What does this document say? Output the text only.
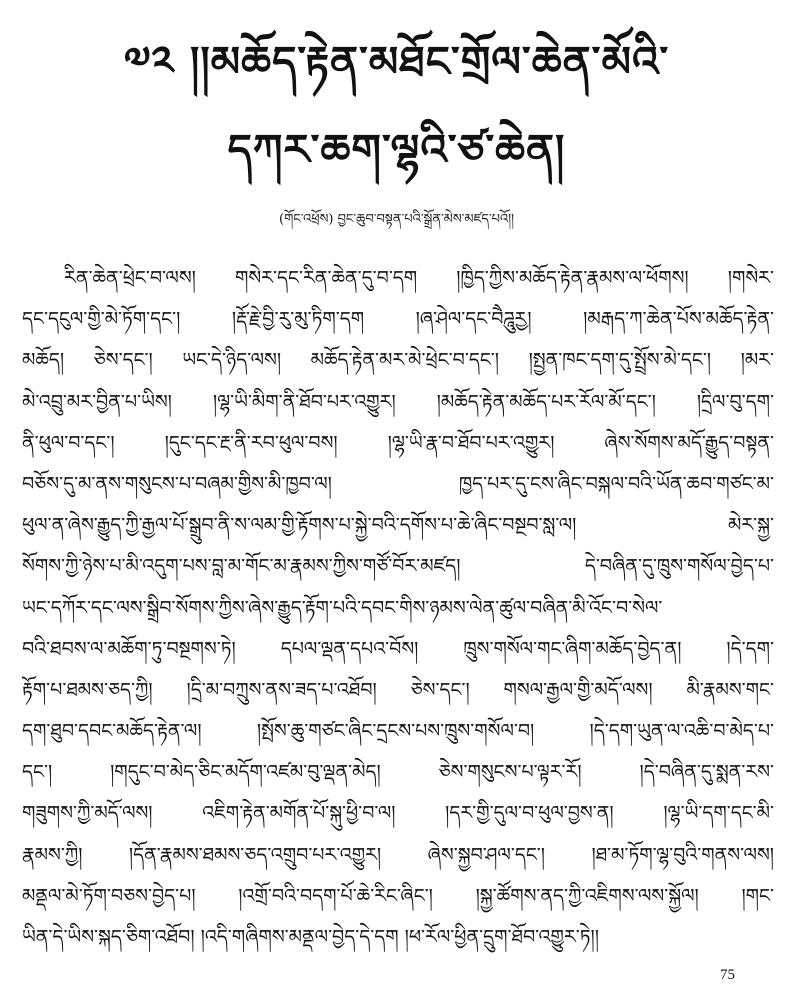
༧༢ །།མཆོད་རྟེན་མཐོང་གྲོལ་ཆེན་མོའི་
དཀར་ཆག་ལྷའི་ཙ་ཆེན།
(གོང་འཕྲོས) བྱང་ཆུབ་བསྟན་པའི་སྒྲོན་མེས་མཛད་པའོ།།
རིན་ཆེན་ཕྲེང་བ་ལས། གསེར་དང་རིན་ཆེན་དུ་བ་དག །ཁྱིད་ཀྱིས་མཆོད་རྟེན་རྣམས་ལ་ཕོགས། །གསེར་
དང་དངུལ་གྱི་མེ་ཏོག་དང་། །རྡོ་རྗེ་བྱི་རུ་མུ་ཏིག་དག །ཞ་ཤེལ་དང་བཻཌཱུརྱ། །མརྒད་ཀ་ཆེན་པོས་མཆོད་རྟེན་
མཆོད། ཅེས་དང་། ཡང་དེ་ཉིད་ལས། མཆོད་རྟེན་མར་མེ་ཕྲེང་བ་དང་། །སྤྱན་ཁང་དག་དུ་སྤྲོས་མེ་དང་། །མར་
མེ་འབྲུ་མར་བྱིན་པ་ཡིས། །ལྷ་ཡི་མིག་ནི་ཐོབ་པར་འགྱུར། །མཆོད་རྟེན་མཆོད་པར་རོལ་མོ་དང་། །དྲིལ་བུ་དག་
ནི་ཕུལ་བ་དང་། །དུང་དང་རྔ་ནི་རབ་ཕུལ་བས། །ལྷ་ཡི་རྣ་བ་ཐོབ་པར་འགྱུར། ཞེས་སོགས་མདོ་རྒྱུད་བསྟན་
བཅོས་དུ་མ་ནས་གསུངས་པ་བཞམ་གྱིས་མི་ཁྱབ་ལ། ཁྱད་པར་དུ་ངས་ཞིང་བསྐལ་བའི་ཡོན་ཆབ་གཙང་མ་
ཕུལ་ན་ཞེས་རྒྱུད་ཀྱི་རྒྱལ་པོ་སྒྲུབ་ནི་ས་ལམ་གྱི་རྟོགས་པ་སྐྱེ་བའི་དགོས་པ་ཆེ་ཞིང་བསྔབ་སླ་ལ། མེར་སྐྱ་
སོགས་ཀྱི་ཉེས་པ་མི་འདུག་པས་བླ་མ་གོང་མ་རྣམས་ཀྱིས་གཙོ་བོར་མཛད། དེ་བཞིན་དུ་ཁྲུས་གསོལ་བྱེད་པ་
ཡང་དཀོར་དང་ལས་སྒྲིབ་སོགས་ཀྱིས་ཞེས་རྒྱུད་རྟོག་པའི་དབང་གིས་ཉམས་ལེན་ཚུལ་བཞིན་མི་འོང་བ་སེལ་
བའི་ཐབས་ལ་མཆོག་ཏུ་བསྔགས་ཏེ། དཔལ་ལྡན་དཔའ་བོས། ཁྲུས་གསོལ་གང་ཞིག་མཆོད་བྱེད་ན། །དེ་དག་
རྟོག་པ་ཐམས་ཅད་ཀྱི། །དྲི་མ་བཀྲུས་ནས་ཟད་པ་འཐོབ། ཅེས་དང་། གསལ་རྒྱལ་གྱི་མདོ་ལས། མི་རྣམས་གང་
དག་ཐུབ་དབང་མཆོད་རྟེན་ལ། །སྤོས་ཆུ་གཙང་ཞིང་དྲངས་པས་ཁྲུས་གསོལ་བ། །དེ་དག་ཡུན་ལ་འཆི་བ་མེད་པ་
དང་། །གདུང་བ་མེད་ཅིང་མདོག་འཛམ་བུ་ལྡན་མེད། ཅེས་གསུངས་པ་ལྟར་རོ། །དེ་བཞིན་དུ་སྨན་རས་
གཟུགས་ཀྱི་མདོ་ལས། འཇིག་རྟེན་མགོན་པོ་སྐུ་ཕྱི་བ་ལ། །དར་གྱི་དུལ་བ་ཕུལ་བྱས་ན། །ལྷ་ཡི་དག་དང་མི་
རྣམས་ཀྱི། །དོན་རྣམས་ཐམས་ཅད་འགྲུབ་པར་འགྱུར། ཞེས་སྐྱབ་ཤལ་དང་། །ཐ་མ་ཏོག་ལྷ་བུའི་གནས་ལས།
མནྡལ་མེ་ཏོག་བཅས་བྱེད་པ། །འགྲོ་བའི་བདག་པོ་ཆེ་རིང་ཞིང་། །སྐྱ་ཚོགས་ནད་ཀྱི་འཇིགས་ལས་སྐྱོལ། །གང་
ཡིན་དེ་ཡིས་སྐད་ཅིག་འཐོབ། །འདི་གཞིགས་མནྡལ་བྱེད་དེ་དག །ཕ་རོལ་ཕྱིན་དྲུག་ཐོབ་འགྱུར་ཏེ།།
75
